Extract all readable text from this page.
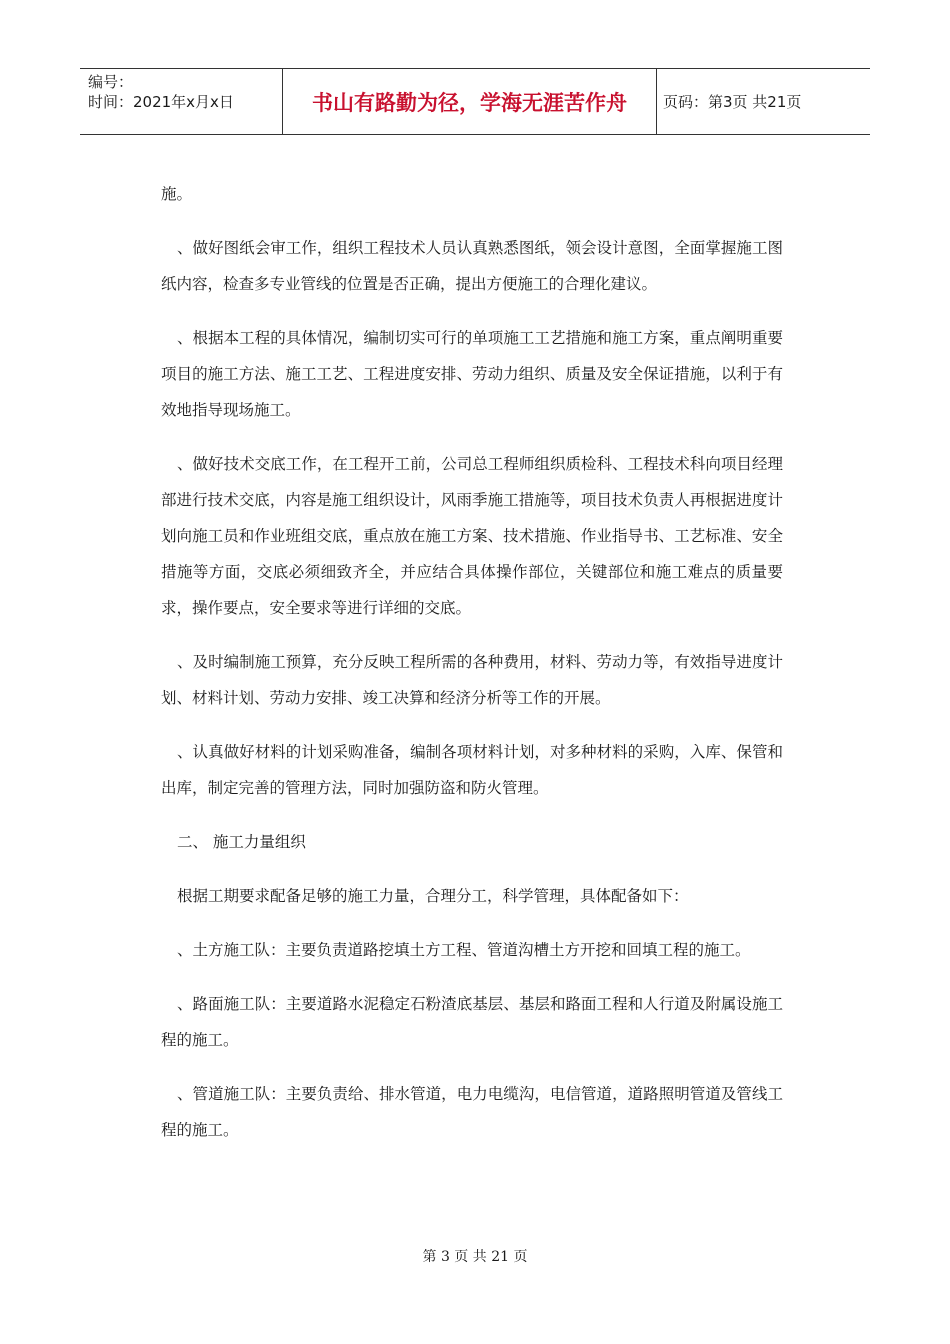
编号：
时间：2021年x月x日	书山有路勤为径，学海无涯苦作舟	页码：第3页 共21页

施。

、做好图纸会审工作，组织工程技术人员认真熟悉图纸，领会设计意图，全面掌握施工图纸内容，检查多专业管线的位置是否正确，提出方便施工的合理化建议。

、根据本工程的具体情况，编制切实可行的单项施工工艺措施和施工方案，重点阐明重要项目的施工方法、施工工艺、工程进度安排、劳动力组织、质量及安全保证措施，以利于有效地指导现场施工。

、做好技术交底工作，在工程开工前，公司总工程师组织质检科、工程技术科向项目经理部进行技术交底，内容是施工组织设计，风雨季施工措施等，项目技术负责人再根据进度计划向施工员和作业班组交底，重点放在施工方案、技术措施、作业指导书、工艺标准、安全措施等方面，交底必须细致齐全，并应结合具体操作部位，关键部位和施工难点的质量要求，操作要点，安全要求等进行详细的交底。

、及时编制施工预算，充分反映工程所需的各种费用，材料、劳动力等，有效指导进度计划、材料计划、劳动力安排、竣工决算和经济分析等工作的开展。

、认真做好材料的计划采购准备，编制各项材料计划，对多种材料的采购，入库、保管和出库，制定完善的管理方法，同时加强防盗和防火管理。

二、 施工力量组织

根据工期要求配备足够的施工力量，合理分工，科学管理，具体配备如下：

、土方施工队：主要负责道路挖填土方工程、管道沟槽土方开挖和回填工程的施工。

、路面施工队：主要道路水泥稳定石粉渣底基层、基层和路面工程和人行道及附属设施工程的施工。

、管道施工队：主要负责给、排水管道，电力电缆沟，电信管道，道路照明管道及管线工程的施工。

第 3 页 共 21 页
